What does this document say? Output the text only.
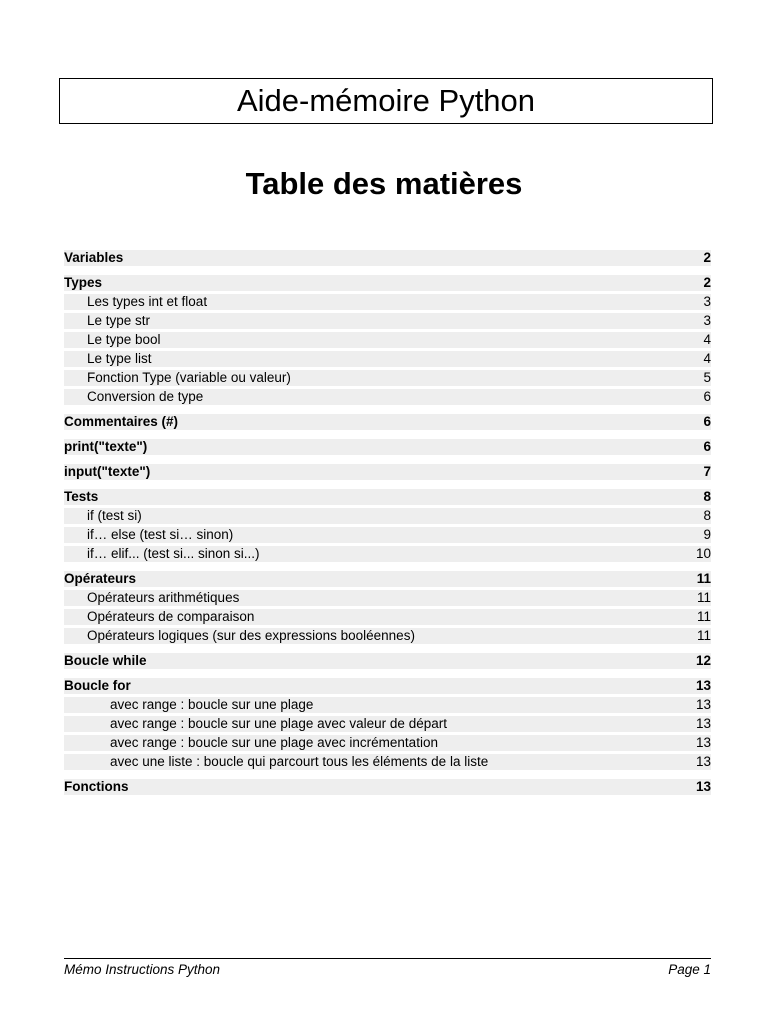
Aide-mémoire Python
Table des matières
Variables	2
Types	2
Les types int et float	3
Le type str	3
Le type bool	4
Le type list	4
Fonction Type (variable ou valeur)	5
Conversion de type	6
Commentaires (#)	6
print("texte")	6
input("texte")	7
Tests	8
if (test si)	8
if… else (test si… sinon)	9
if… elif... (test si... sinon si...)	10
Opérateurs	11
Opérateurs arithmétiques	11
Opérateurs de comparaison	11
Opérateurs logiques (sur des expressions booléennes)	11
Boucle while	12
Boucle for	13
avec range : boucle sur une plage	13
avec range : boucle sur une plage avec valeur de départ	13
avec range : boucle sur une plage avec incrémentation	13
avec une liste : boucle qui parcourt tous les éléments de la liste	13
Fonctions	13
Mémo Instructions Python	Page 1
